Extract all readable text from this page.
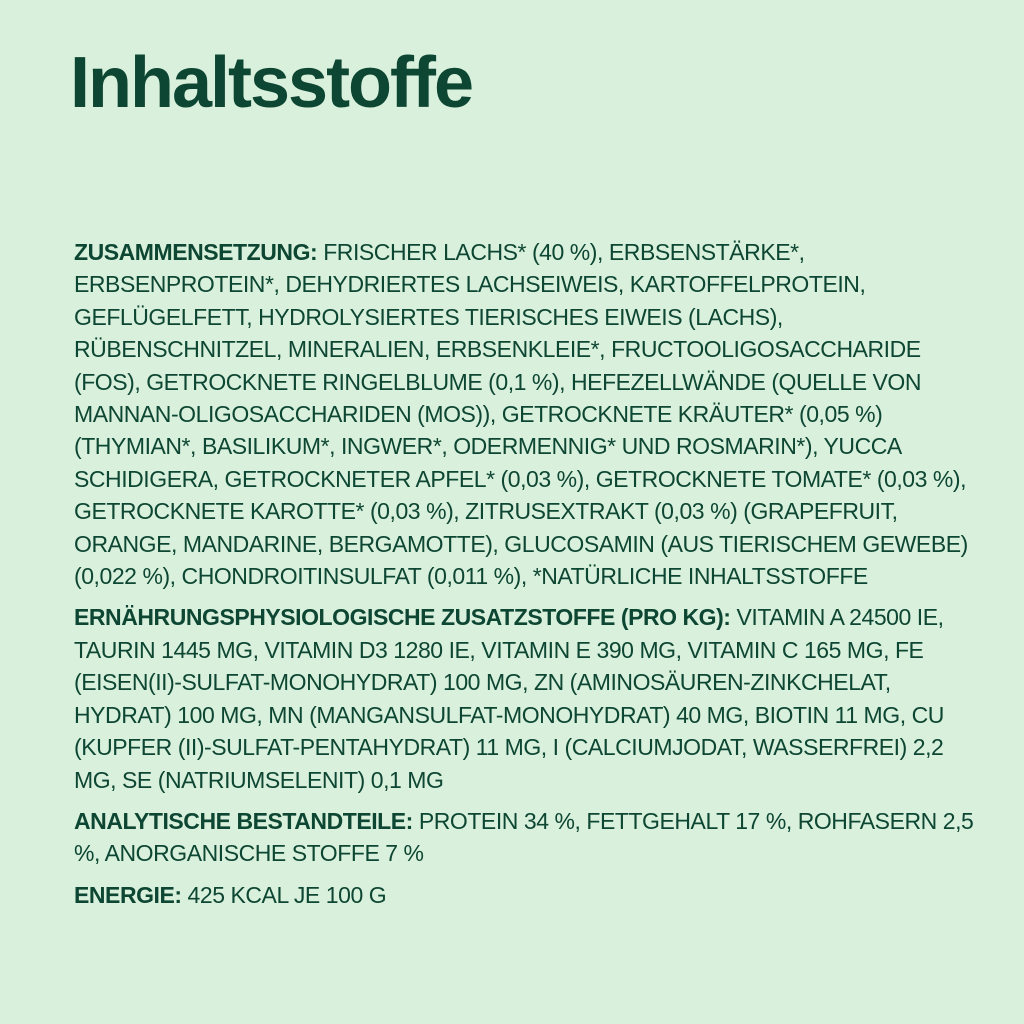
Inhaltsstoffe

ZUSAMMENSETZUNG: FRISCHER LACHS* (40 %), ERBSENSTÄRKE*, ERBSENPROTEIN*, DEHYDRIERTES LACHSEIWEIS, KARTOFFELPROTEIN, GEFLÜGELFETT, HYDROLYSIERTES TIERISCHES EIWEIS (LACHS), RÜBENSCHNITZEL, MINERALIEN, ERBSENKLEIE*, FRUCTOOLIGOSACCHARIDE (FOS), GETROCKNETE RINGELBLUME (0,1 %), HEFEZELLWÄNDE (QUELLE VON MANNAN-OLIGOSACCHARIDEN (MOS)), GETROCKNETE KRÄUTER* (0,05 %) (THYMIAN*, BASILIKUM*, INGWER*, ODERMENNIG* UND ROSMARIN*), YUCCA SCHIDIGERA, GETROCKNETER APFEL* (0,03 %), GETROCKNETE TOMATE* (0,03 %), GETROCKNETE KAROTTE* (0,03 %), ZITRUSEXTRAKT (0,03 %) (GRAPEFRUIT, ORANGE, MANDARINE, BERGAMOTTE), GLUCOSAMIN (AUS TIERISCHEM GEWEBE) (0,022 %), CHONDROITINSULFAT (0,011 %), *NATÜRLICHE INHALTSSTOFFE

ERNÄHRUNGSPHYSIOLOGISCHE ZUSATZSTOFFE (PRO KG): VITAMIN A 24500 IE, TAURIN 1445 MG, VITAMIN D3 1280 IE, VITAMIN E 390 MG, VITAMIN C 165 MG, FE (EISEN(II)-SULFAT-MONOHYDRAT) 100 MG, ZN (AMINOSÄUREN-ZINKCHELAT, HYDRAT) 100 MG, MN (MANGANSULFAT-MONOHYDRAT) 40 MG, BIOTIN 11 MG, CU (KUPFER (II)-SULFAT-PENTAHYDRAT) 11 MG, I (CALCIUMJODAT, WASSERFREI) 2,2 MG, SE (NATRIUMSELENIT) 0,1 MG

ANALYTISCHE BESTANDTEILE: PROTEIN 34 %, FETTGEHALT 17 %, ROHFASERN 2,5 %, ANORGANISCHE STOFFE 7 %

ENERGIE: 425 KCAL JE 100 G
